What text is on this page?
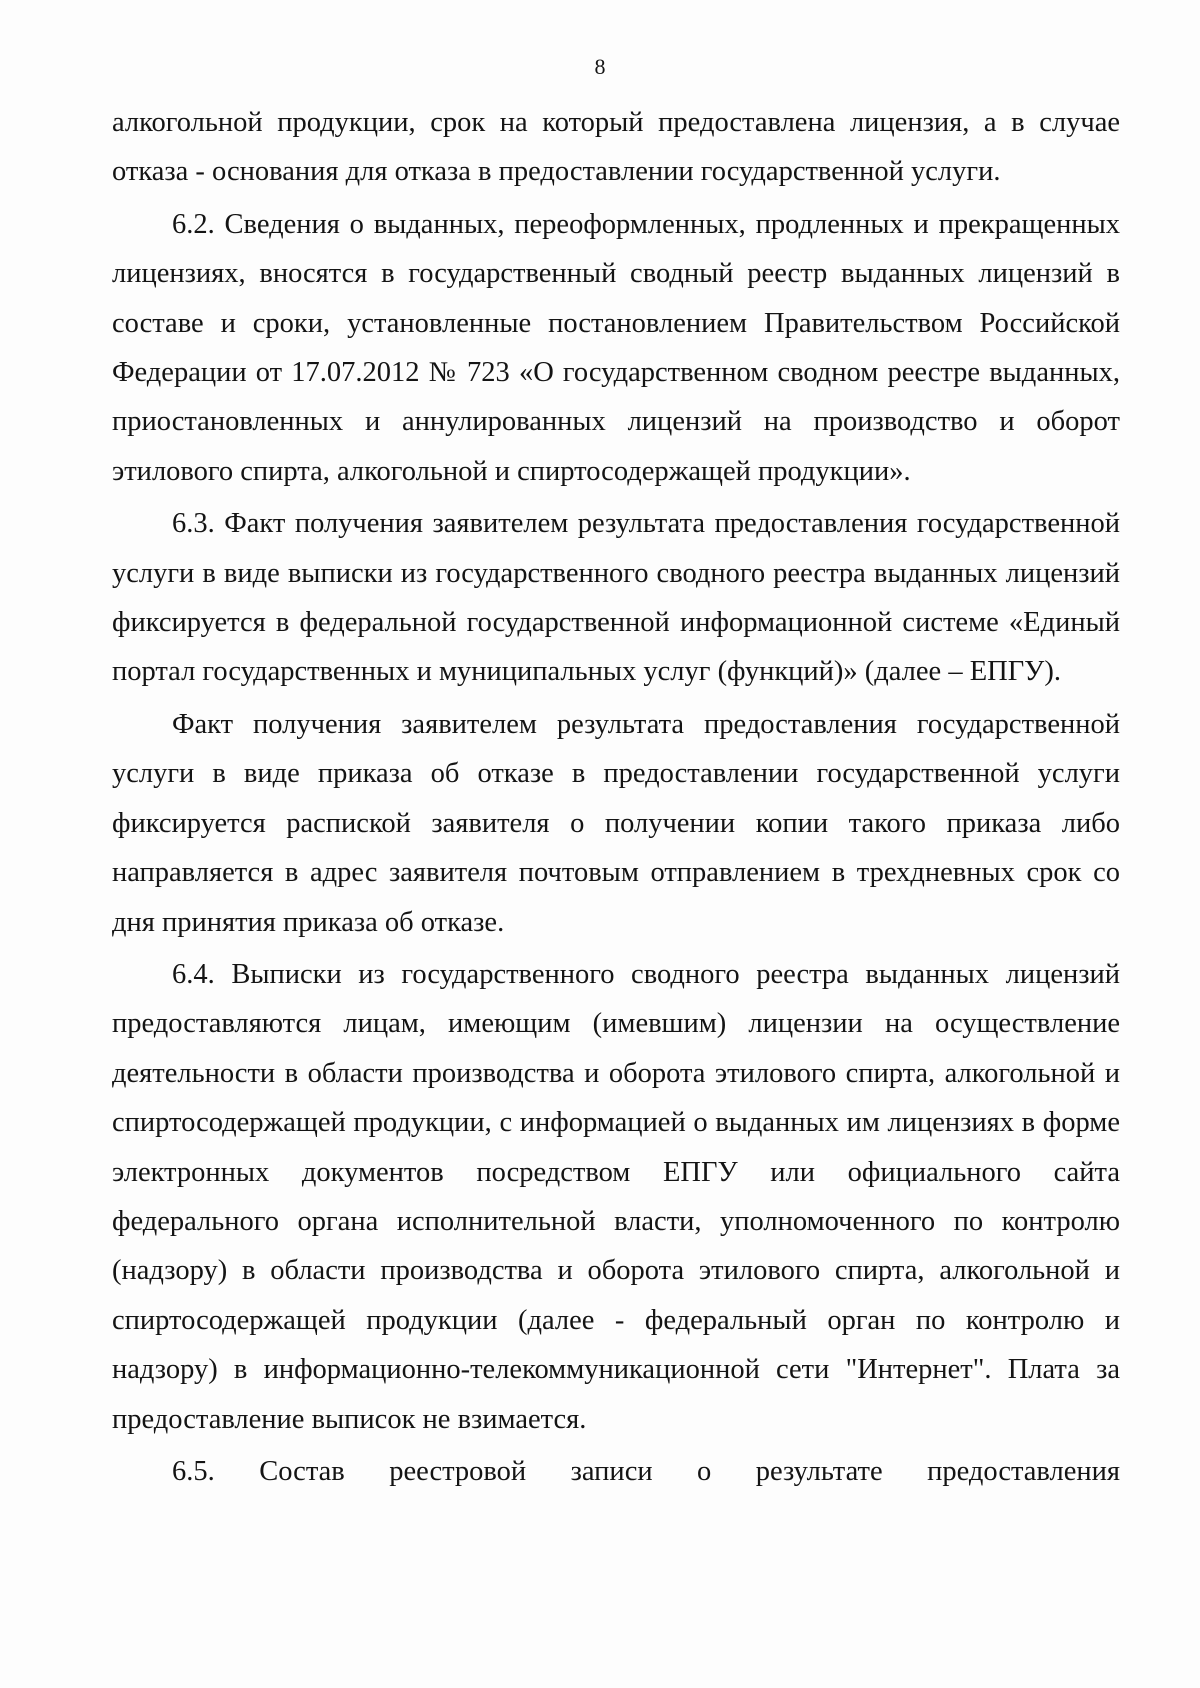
8

алкогольной продукции, срок на который предоставлена лицензия, а в случае отказа - основания для отказа в предоставлении государственной услуги.

6.2. Сведения о выданных, переоформленных, продленных и прекращенных лицензиях, вносятся в государственный сводный реестр выданных лицензий в составе и сроки, установленные постановлением Правительством Российской Федерации от 17.07.2012 № 723 «О государственном сводном реестре выданных, приостановленных и аннулированных лицензий на производство и оборот этилового спирта, алкогольной и спиртосодержащей продукции».

6.3. Факт получения заявителем результата предоставления государственной услуги в виде выписки из государственного сводного реестра выданных лицензий фиксируется в федеральной государственной информационной системе «Единый портал государственных и муниципальных услуг (функций)» (далее – ЕПГУ).

Факт получения заявителем результата предоставления государственной услуги в виде приказа об отказе в предоставлении государственной услуги фиксируется распиской заявителя о получении копии такого приказа либо направляется в адрес заявителя почтовым отправлением в трехдневных срок со дня принятия приказа об отказе.

6.4. Выписки из государственного сводного реестра выданных лицензий предоставляются лицам, имеющим (имевшим) лицензии на осуществление деятельности в области производства и оборота этилового спирта, алкогольной и спиртосодержащей продукции, с информацией о выданных им лицензиях в форме электронных документов посредством ЕПГУ или официального сайта федерального органа исполнительной власти, уполномоченного по контролю (надзору) в области производства и оборота этилового спирта, алкогольной и спиртосодержащей продукции (далее - федеральный орган по контролю и надзору) в информационно-телекоммуникационной сети "Интернет". Плата за предоставление выписок не взимается.

6.5. Состав реестровой записи о результате предоставления
